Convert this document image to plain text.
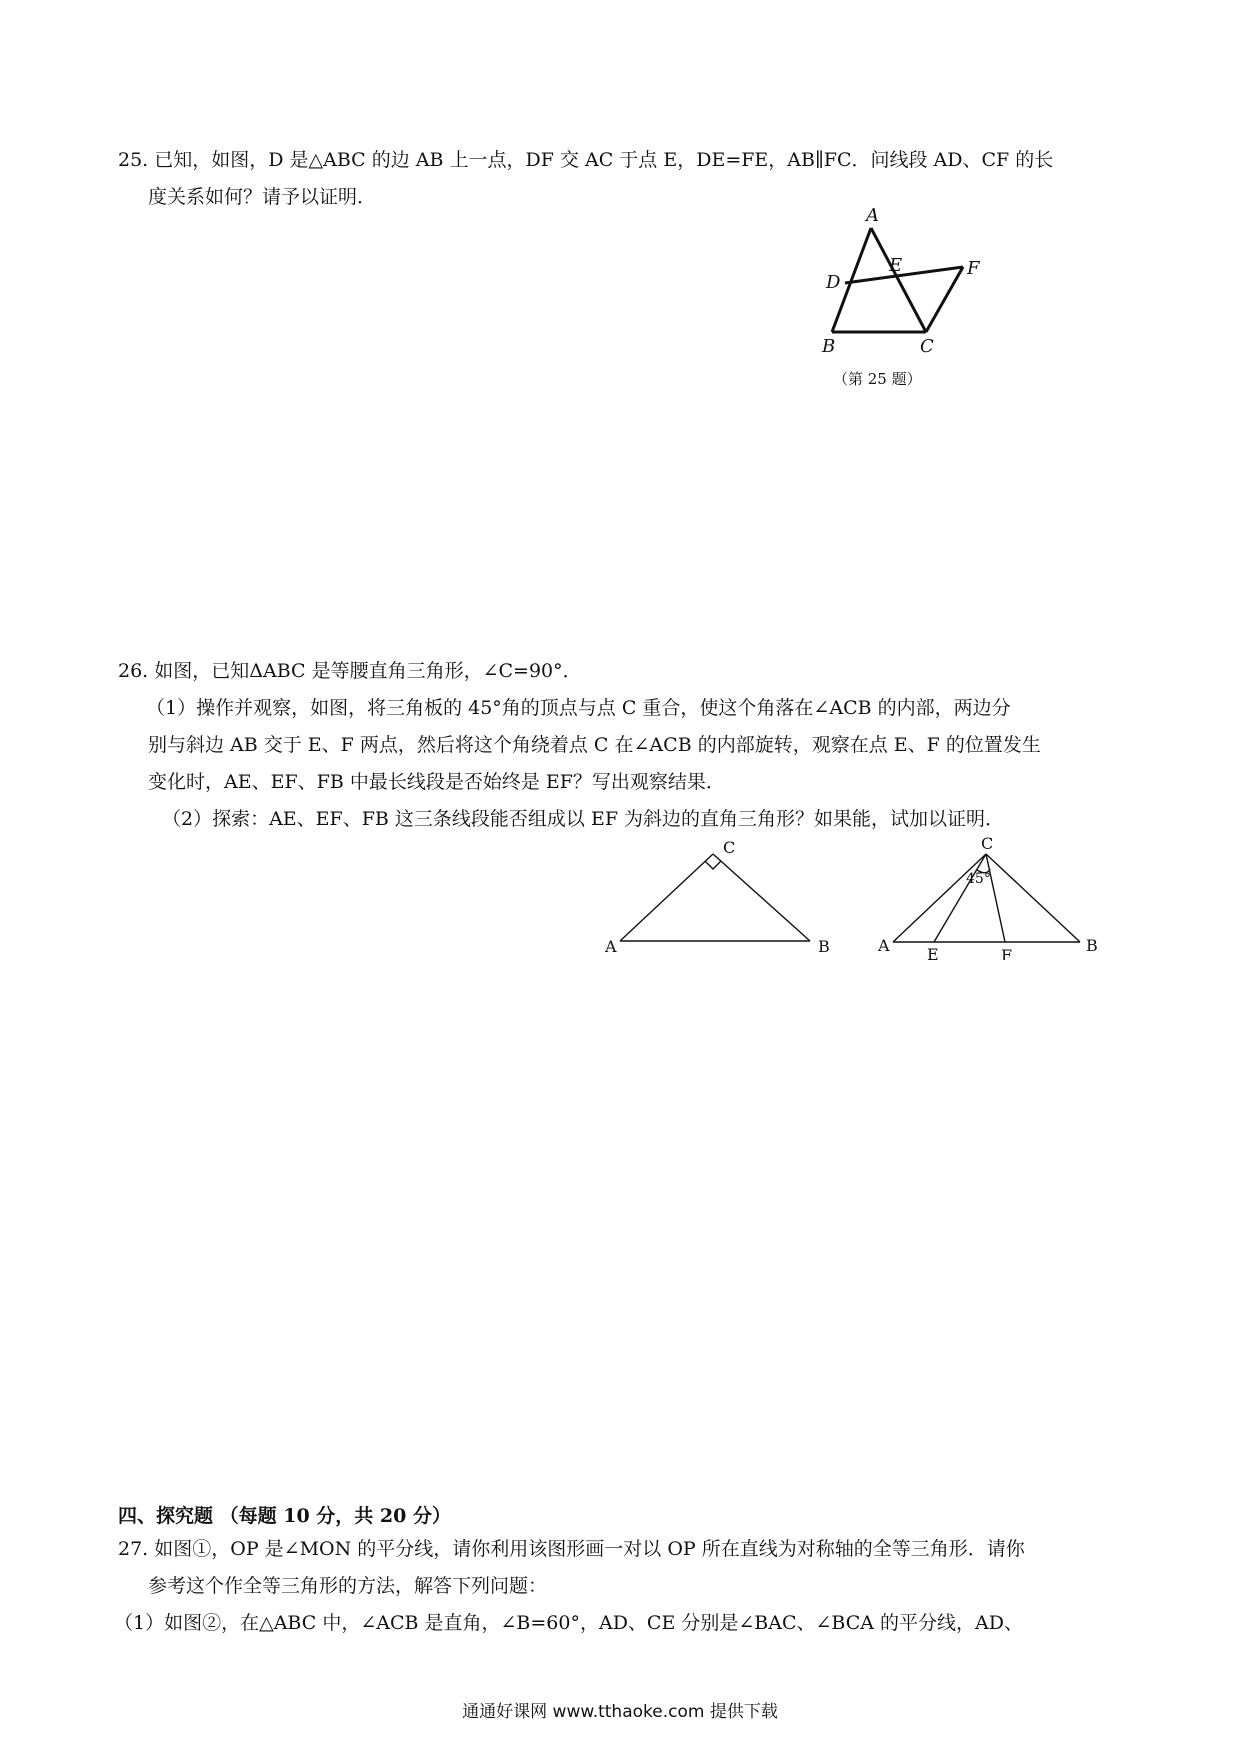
25. 已知，如图，D 是△ABC 的边 AB 上一点，DF 交 AC 于点 E，DE=FE，AB∥FC．问线段 AD、CF 的长

度关系如何？请予以证明．

A
B	C
D
E	F
（第 25 题）

26. 如图，已知ΔABC 是等腰直角三角形，∠C=90°．

（1）操作并观察，如图，将三角板的 45°角的顶点与点 C 重合，使这个角落在∠ACB 的内部，两边分

别与斜边 AB 交于 E、F 两点，然后将这个角绕着点 C 在∠ACB 的内部旋转，观察在点 E、F 的位置发生

变化时，AE、EF、FB 中最长线段是否始终是 EF？写出观察结果．

（2）探索：AE、EF、FB 这三条线段能否组成以 EF 为斜边的直角三角形？如果能，试加以证明．

C
A	B
C
45°
A	B
E	F
四、探究题 （每题 10 分，共 20 分）

27. 如图①，OP 是∠MON 的平分线，请你利用该图形画一对以 OP 所在直线为对称轴的全等三角形．请你

参考这个作全等三角形的方法，解答下列问题：

（1）如图②，在△ABC 中，∠ACB 是直角，∠B=60°，AD、CE 分别是∠BAC、∠BCA 的平分线，AD、

通通好课网 www.tthaoke.com 提供下载
